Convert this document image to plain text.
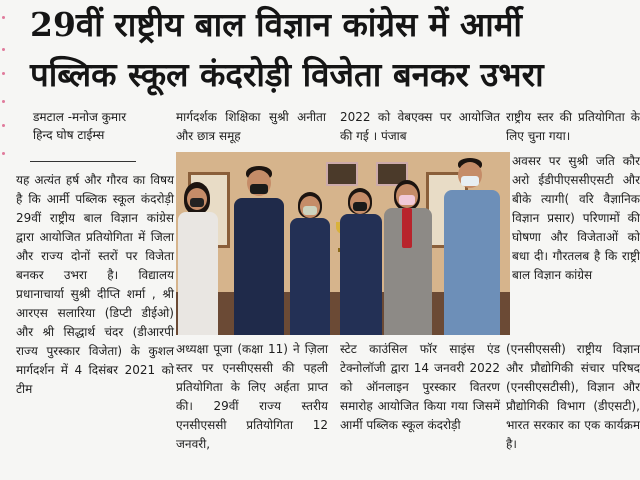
29वीं राष्ट्रीय बाल विज्ञान कांग्रेस में आर्मी
पब्लिक स्कूल कंदरोड़ी विजेता बनकर उभरा
डमटाल -मनोज कुमार
हिन्द घोष टाईम्स
यह अत्यंत हर्ष और गौरव का विषय है कि आर्मी पब्लिक स्कूल कंदरोड़ी 29वीं राष्ट्रीय बाल विज्ञान कांग्रेस द्वारा आयोजित प्रतियोगिता में जिला और राज्य दोनों स्तरों पर विजेता बनकर उभरा है। विद्यालय प्रधानाचार्या सुश्री दीप्ति शर्मा , श्री आरएस सलारिया (डिप्टी डीईओ) और श्री सिद्धार्थ चंदर (डीआरपी राज्य पुरस्कार विजेता) के कुशल मार्गदर्शन में 4 दिसंबर 2021 को टीम
मार्गदर्शक शिक्षिका सुश्री अनीता और छात्र समूह
2022 को वेबएक्स पर आयोजित की गई । पंजाब
राष्ट्रीय स्तर की प्रतियोगिता के लिए चुना गया।
अवसर पर सुश्री जति कौर अरो ईडीपीएससीएसटी और बीके त्यागी( वरि वैज्ञानिक विज्ञान प्रसार) परिणामों की घोषणा और विजेताओं को बधा दी। गौरतलब है कि राष्ट्री बाल विज्ञान कांग्रेस
अध्यक्षा पूजा (कक्षा 11) ने ज़िला स्तर पर एनसीएससी की पहली प्रतियोगिता के लिए अर्हता प्राप्त की। 29वीं राज्य स्तरीय एनसीएससी प्रतियोगिता 12 जनवरी,
स्टेट काउंसिल फॉर साइंस एंड टेक्नोलॉजी द्वारा 14 जनवरी 2022 को ऑनलाइन पुरस्कार वितरण समारोह आयोजित किया गया जिसमें आर्मी पब्लिक स्कूल कंदरोड़ी
(एनसीएससी) राष्ट्रीय विज्ञान और प्रौद्योगिकी संचार परिषद (एनसीएसटीसी), विज्ञान और प्रौद्योगिकी विभाग (डीएसटी), भारत सरकार का एक कार्यक्रम है।
